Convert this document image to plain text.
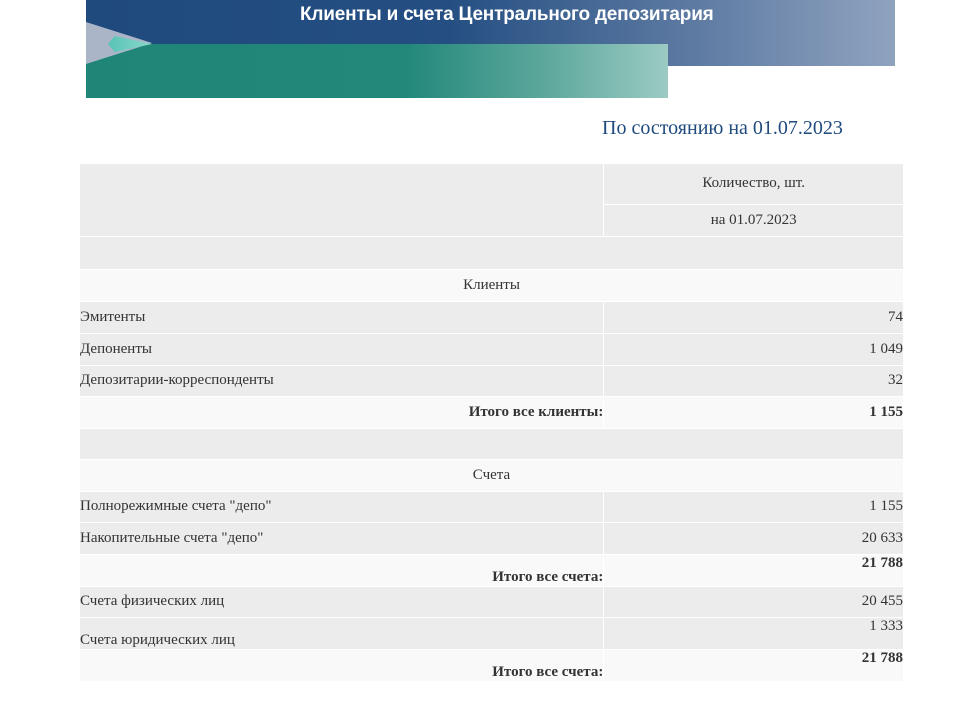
Клиенты и счета Центрального депозитария
По состоянию на 01.07.2023
	Количество, шт.
	на 01.07.2023

Клиенты	
Эмитенты	74
Депоненты	1 049
Депозитарии-корреспонденты	32
Итого все клиенты:	1 155

Счета	
Полнорежимные счета "депо"	1 155
Накопительные счета "депо"	20 633
Итого все счета:	21 788
Счета физических лиц	20 455
Счета юридических лиц	1 333
Итого все счета:	21 788
